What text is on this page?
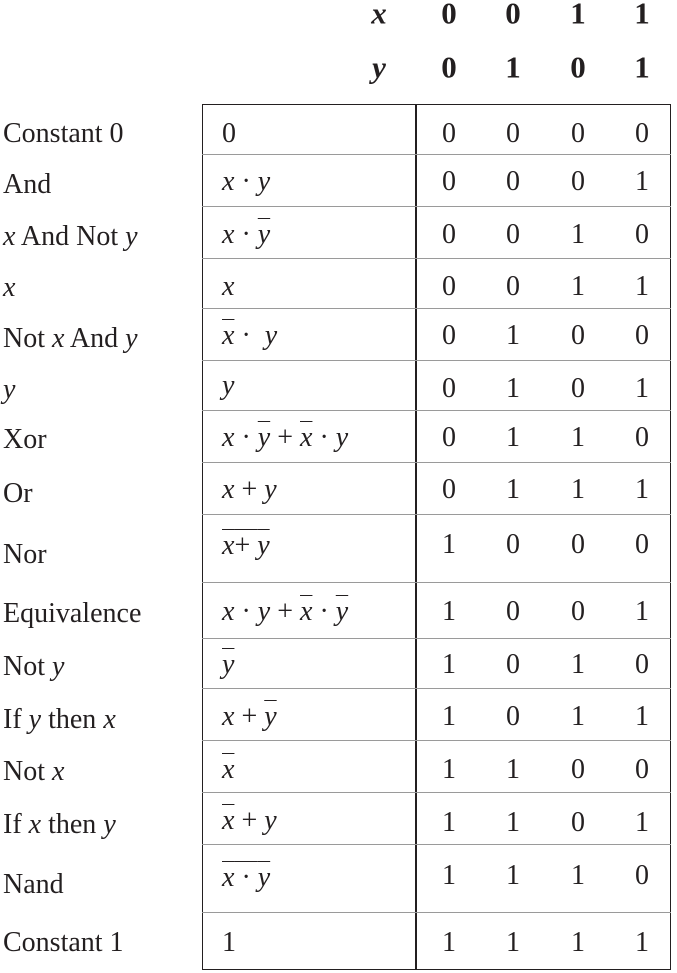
x
y
0 0 1 1
0 1 0 1
Constant 0
And
x And Not y
x
Not x And y
y
Xor
Or
Nor
Equivalence
Not y
If y then x
Not x
If x then y
Nand
Constant 1
0
x · y
$x \cdot \overline{y}$
x
$\overline{x} \cdot y$
y
$x \cdot \overline{y} + \overline{x} \cdot y$
x + y
x+ y
$x \cdot y + \overline{x} \cdot \overline{y}$
$\overline{y}$
$x + \overline{y}$
$\overline{x}$
$\overline{x} + y$
x · y
1
0 0 0 0
0 0 0 1
0 0 1 0
0 0 1 1
0 1 0 0
0 1 0 1
0 1 1 0
0 1 1 1
1 0 0 0
1 0 0 1
1 0 1 0
1 0 1 1
1 1 0 0
1 1 0 1
1 1 1 0
1 1 1 1
